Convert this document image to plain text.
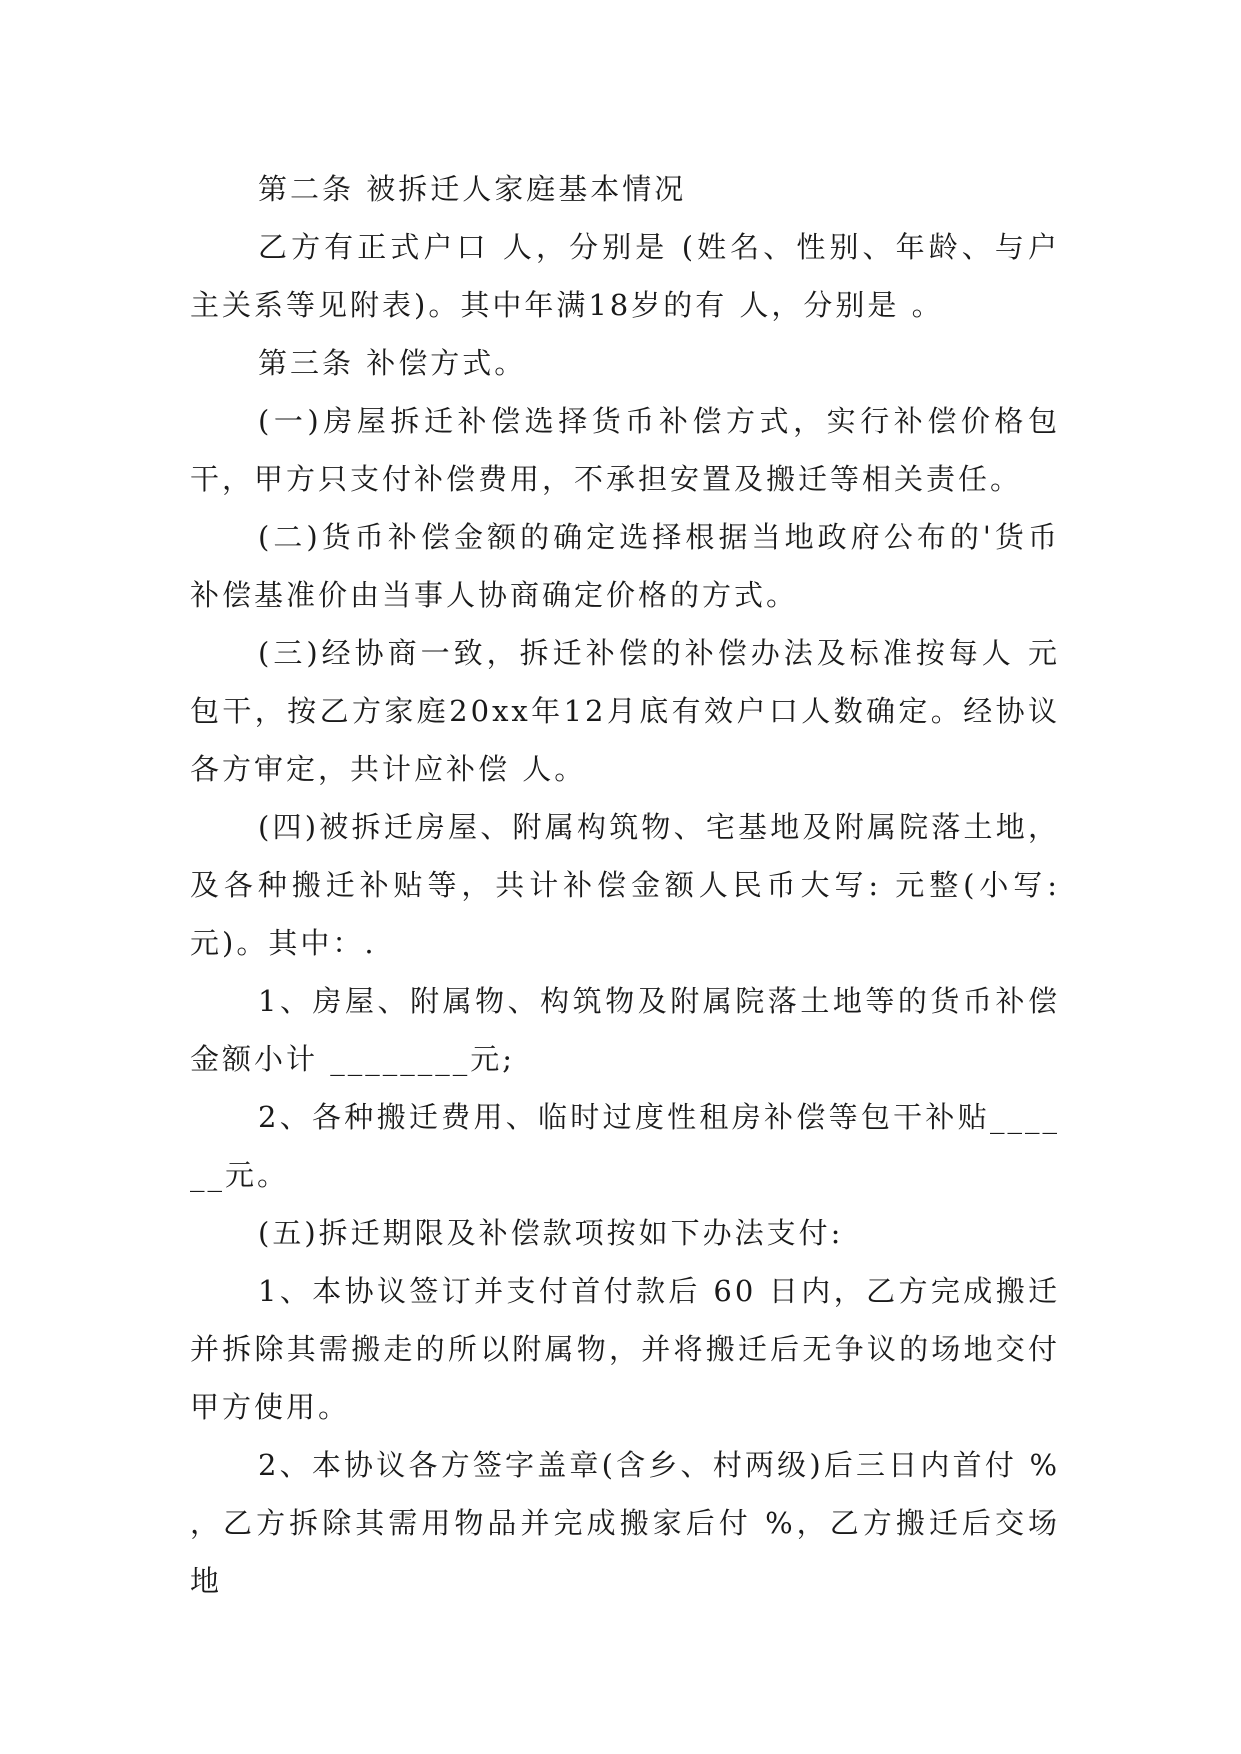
第二条 被拆迁人家庭基本情况

乙方有正式户口 人，分别是 (姓名、性别、年龄、与户主关系等见附表)。其中年满18岁的有 人，分别是 。

第三条 补偿方式。

(一)房屋拆迁补偿选择货币补偿方式，实行补偿价格包干，甲方只支付补偿费用，不承担安置及搬迁等相关责任。

(二)货币补偿金额的确定选择根据当地政府公布的'货币补偿基准价由当事人协商确定价格的方式。

(三)经协商一致，拆迁补偿的补偿办法及标准按每人 元包干，按乙方家庭20xx年12月底有效户口人数确定。经协议各方审定，共计应补偿 人。

(四)被拆迁房屋、附属构筑物、宅基地及附属院落土地，及各种搬迁补贴等，共计补偿金额人民币大写: 元整(小写: 元)。其中：.

1、房屋、附属物、构筑物及附属院落土地等的货币补偿金额小计 ________元;

2、各种搬迁费用、临时过度性租房补偿等包干补贴______元。

(五)拆迁期限及补偿款项按如下办法支付:

1、本协议签订并支付首付款后 60 日内，乙方完成搬迁并拆除其需搬走的所以附属物，并将搬迁后无争议的场地交付甲方使用。

2、本协议各方签字盖章(含乡、村两级)后三日内首付 % ，乙方拆除其需用物品并完成搬家后付 %，乙方搬迁后交场地
